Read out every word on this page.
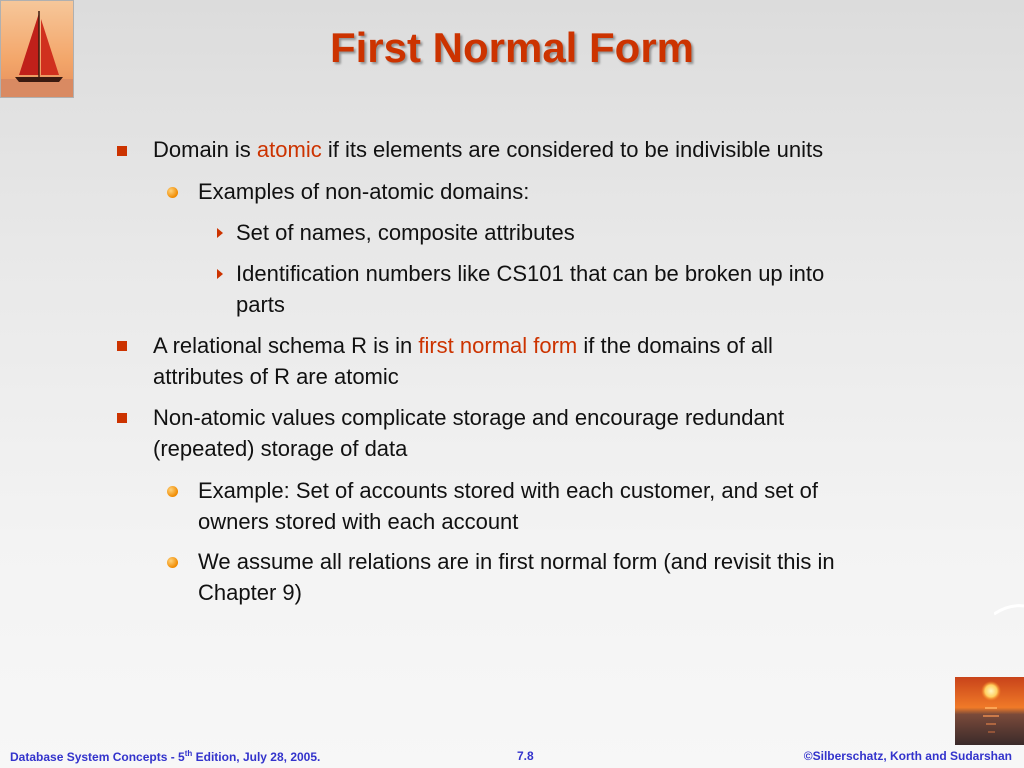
First Normal Form
Domain is atomic if its elements are considered to be indivisible units
Examples of non-atomic domains:
Set of names, composite attributes
Identification numbers like CS101 that can be broken up into
parts
A relational schema R is in first normal form if the domains of all
attributes of R are atomic
Non-atomic values complicate storage and encourage redundant
(repeated) storage of data
Example: Set of accounts stored with each customer, and set of
owners stored with each account
We assume all relations are in first normal form (and revisit this in
Chapter 9)
Database System Concepts - 5th Edition, July 28, 2005.	7.8	©Silberschatz, Korth and Sudarshan
